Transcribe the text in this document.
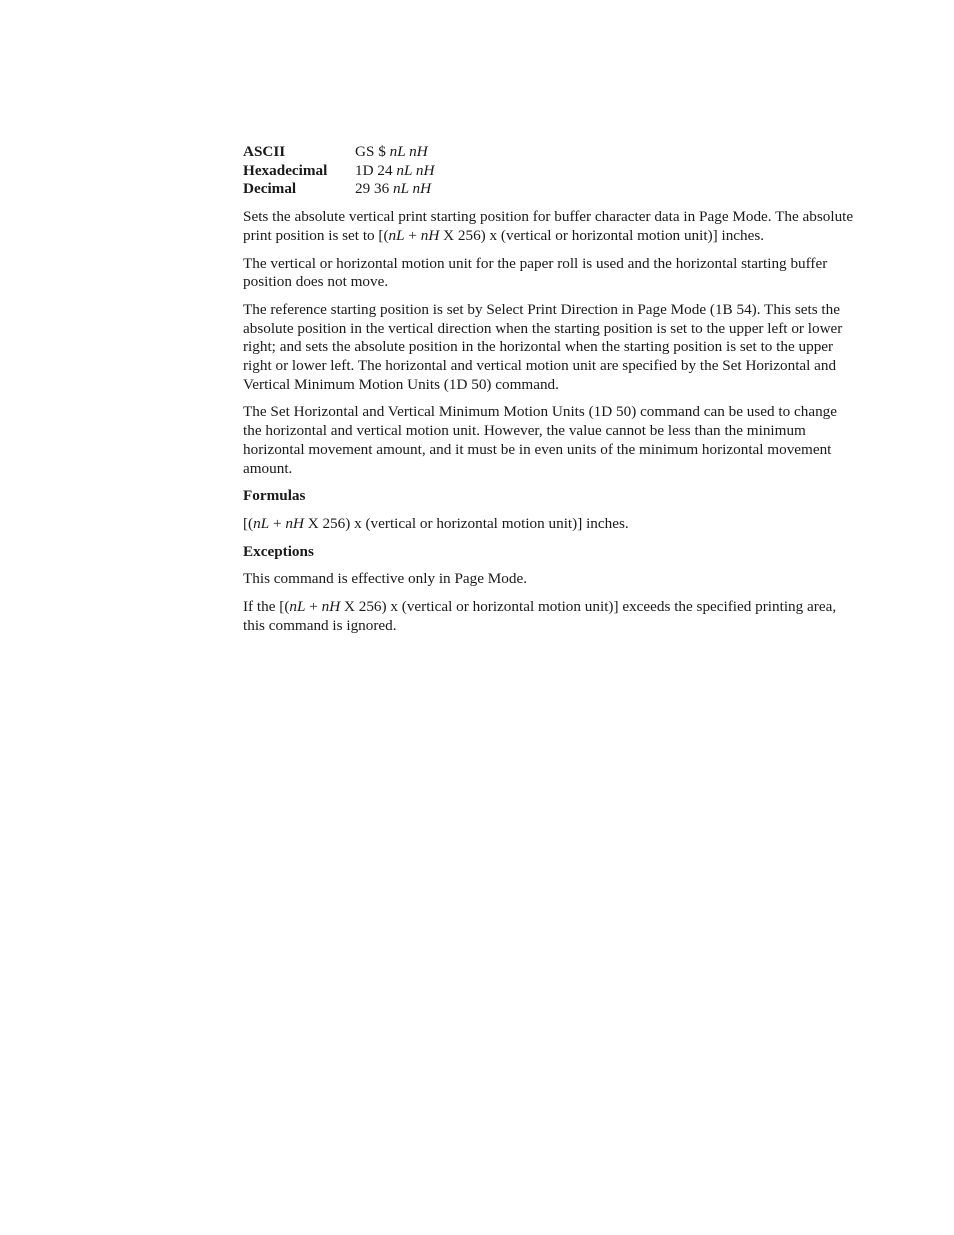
ASCII	GS $ nL nH
Hexadecimal	1D 24 nL nH
Decimal	29 36 nL nH

Sets the absolute vertical print starting position for buffer character data in Page Mode. The absolute print position is set to [(nL + nH X 256) x (vertical or horizontal motion unit)] inches.

The vertical or horizontal motion unit for the paper roll is used and the horizontal starting buffer position does not move.

The reference starting position is set by Select Print Direction in Page Mode (1B 54). This sets the absolute position in the vertical direction when the starting position is set to the upper left or lower right; and sets the absolute position in the horizontal when the starting position is set to the upper right or lower left. The horizontal and vertical motion unit are specified by the Set Horizontal and Vertical Minimum Motion Units (1D 50) command.

The Set Horizontal and Vertical Minimum Motion Units (1D 50) command can be used to change the horizontal and vertical motion unit. However, the value cannot be less than the minimum horizontal movement amount, and it must be in even units of the minimum horizontal movement amount.

Formulas

[(nL + nH X 256) x (vertical or horizontal motion unit)] inches.

Exceptions

This command is effective only in Page Mode.

If the [(nL + nH X 256) x (vertical or horizontal motion unit)] exceeds the specified printing area, this command is ignored.
